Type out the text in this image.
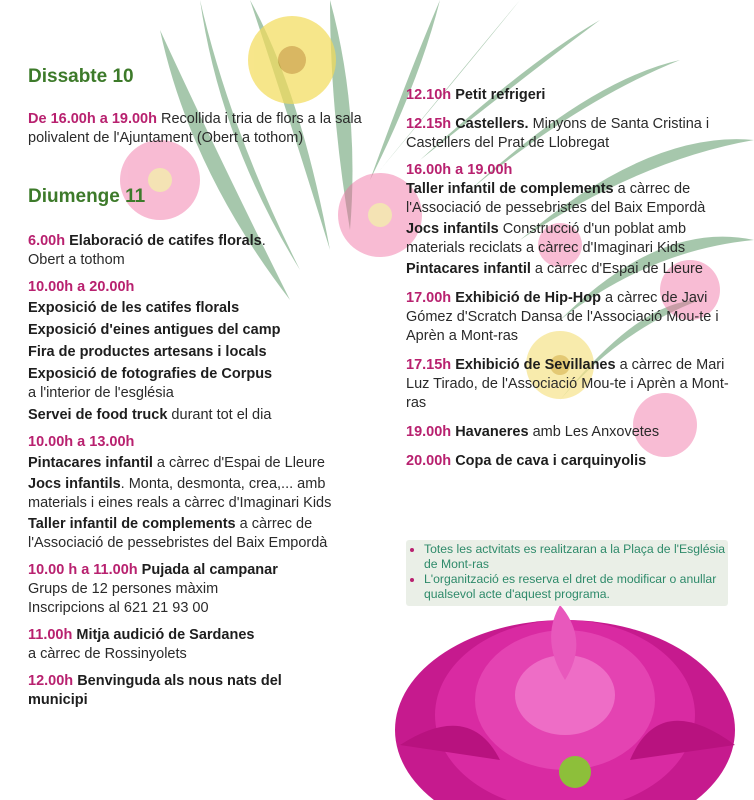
Dissabte 10
De 16.00h a 19.00h Recollida i tria de flors a la sala polivalent de l'Ajuntament (Obert a tothom)
Diumenge 11

6.00h Elaboració de catifes florals.

Obert a tothom

10.00h a 20.00h

Exposició de les catifes florals

Exposició d'eines antigues del camp

Fira de productes artesans i locals

Exposició de fotografies de Corpus

a l'interior de l'església

Servei de food truck durant tot el dia

10.00h a 13.00h

Pintacares infantil a càrrec d'Espai de Lleure

Jocs infantils. Monta, desmonta, crea,... amb materials i eines reals a càrrec d'Imaginari Kids

Taller infantil de complements a càrrec de l'Associació de pessebristes del Baix Empordà

10.00 h a 11.00h Pujada al campanar

Grups de 12 persones màxim

Inscripcions al 621 21 93 00

11.00h Mitja audició de Sardanes

a càrrec de Rossinyolets

12.00h Benvinguda als nous nats del municipi

12.10h Petit refrigeri
12.15h Castellers. Minyons de Santa Cristina i Castellers del Prat de Llobregat

16.00h a 19.00h

Taller infantil de complements a càrrec de l'Associació de pessebristes del Baix Empordà

Jocs infantils Construcció d'un poblat amb materials reciclats a càrrec d'Imaginari Kids

Pintacares infantil a càrrec d'Espai de Lleure

17.00h Exhibició de Hip-Hop a càrrec de Javi Gómez d'Scratch Dansa de l'Associació Mou-te i Aprèn a Mont-ras
17.15h Exhibició de Sevillanes a càrrec de Mari Luz Tirado, de l'Associació Mou-te i Aprèn a Mont-ras
19.00h Havaneres amb Les Anxovetes
20.00h Copa de cava i carquinyolis
• Totes les actvitats es realitzaran a la Plaça de l'Església de Mont-ras
• L'organització es reserva el dret de modificar o anullar qualsevol acte d'aquest programa.
